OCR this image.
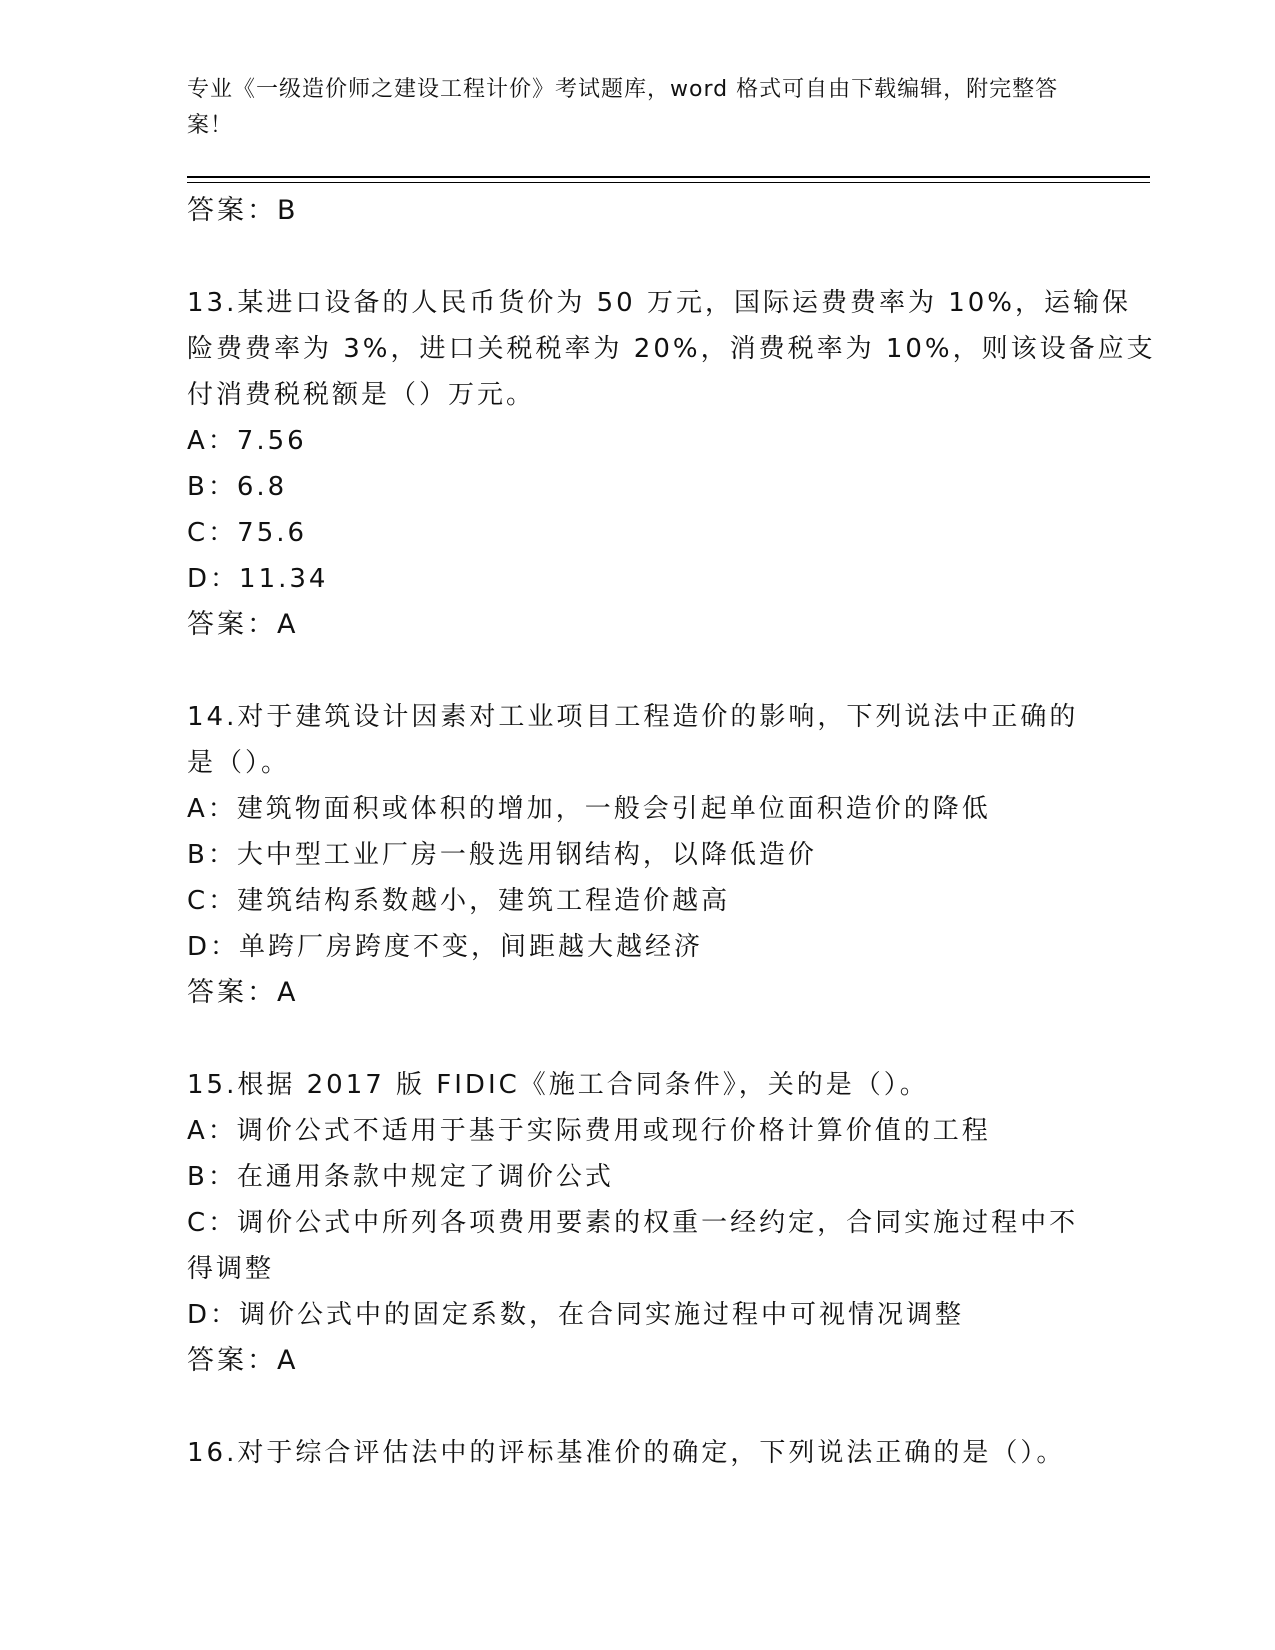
专业《一级造价师之建设工程计价》考试题库，word 格式可自由下载编辑，附完整答案！
答案：B
13.某进口设备的人民币货价为 50 万元，国际运费费率为 10%，运输保
险费费率为 3%，进口关税税率为 20%，消费税率为 10%，则该设备应支
付消费税税额是（）万元。
A：7.56
B：6.8
C：75.6
D：11.34
答案：A
14.对于建筑设计因素对工业项目工程造价的影响，下列说法中正确的
是（）。
A：建筑物面积或体积的增加，一般会引起单位面积造价的降低
B：大中型工业厂房一般选用钢结构，以降低造价
C：建筑结构系数越小，建筑工程造价越高
D：单跨厂房跨度不变，间距越大越经济
答案：A
15.根据 2017 版 FIDIC《施工合同条件》，关的是（）。
A：调价公式不适用于基于实际费用或现行价格计算价值的工程
B：在通用条款中规定了调价公式
C：调价公式中所列各项费用要素的权重一经约定，合同实施过程中不
得调整
D：调价公式中的固定系数，在合同实施过程中可视情况调整
答案：A
16.对于综合评估法中的评标基准价的确定，下列说法正确的是（）。
